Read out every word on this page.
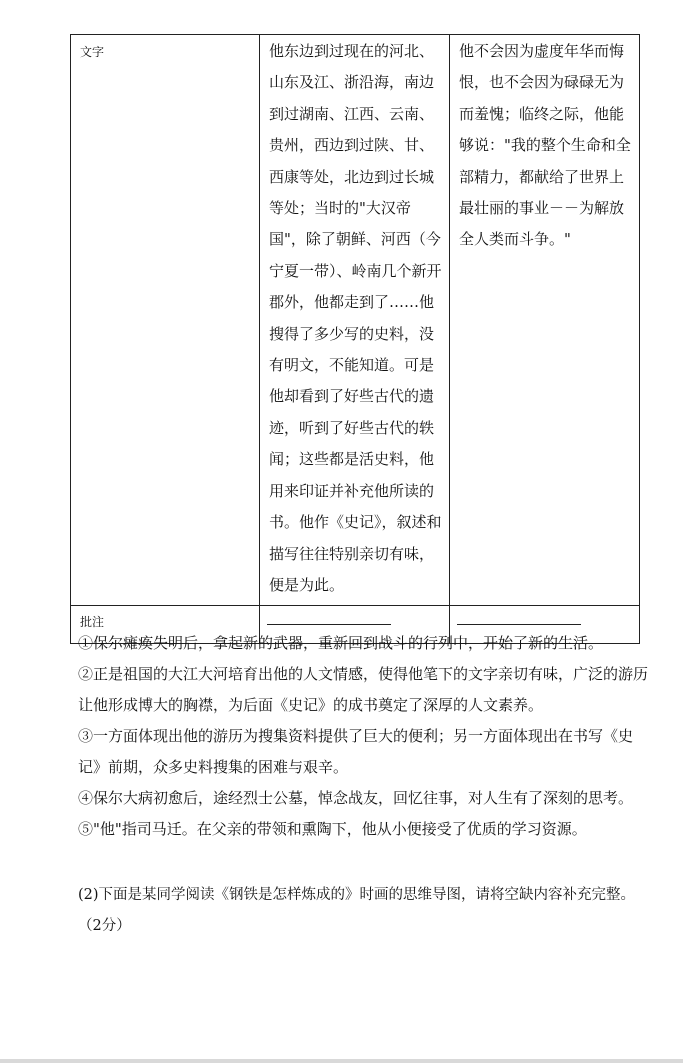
文字	他东边到过现在的河北、山东及江、浙沿海，南边到过湖南、江西、云南、贵州，西边到过陕、甘、西康等处，北边到过长城等处；当时的"大汉帝国"，除了朝鲜、河西（今宁夏一带）、岭南几个新开郡外，他都走到了……他搜得了多少写的史料，没有明文，不能知道。可是他却看到了好些古代的遗迹，听到了好些古代的轶闻；这些都是活史料，他用来印证并补充他所读的书。他作《史记》，叙述和描写往往特别亲切有味，便是为此。	他不会因为虚度年华而悔恨，也不会因为碌碌无为而羞愧；临终之际，他能够说："我的整个生命和全部精力，都献给了世界上最壮丽的事业－－为解放全人类而斗争。"
批注	

①保尔瘫痪失明后，拿起新的武器，重新回到战斗的行列中，开始了新的生活。
②正是祖国的大江大河培育出他的人文情感，使得他笔下的文字亲切有味，广泛的游历让他形成博大的胸襟，为后面《史记》的成书奠定了深厚的人文素养。
③一方面体现出他的游历为搜集资料提供了巨大的便利；另一方面体现出在书写《史记》前期，众多史料搜集的困难与艰辛。
④保尔大病初愈后，途经烈士公墓，悼念战友，回忆往事，对人生有了深刻的思考。
⑤"他"指司马迁。在父亲的带领和熏陶下，他从小便接受了优质的学习资源。
(2)下面是某同学阅读《钢铁是怎样炼成的》时画的思维导图，请将空缺内容补充完整。（2分）
